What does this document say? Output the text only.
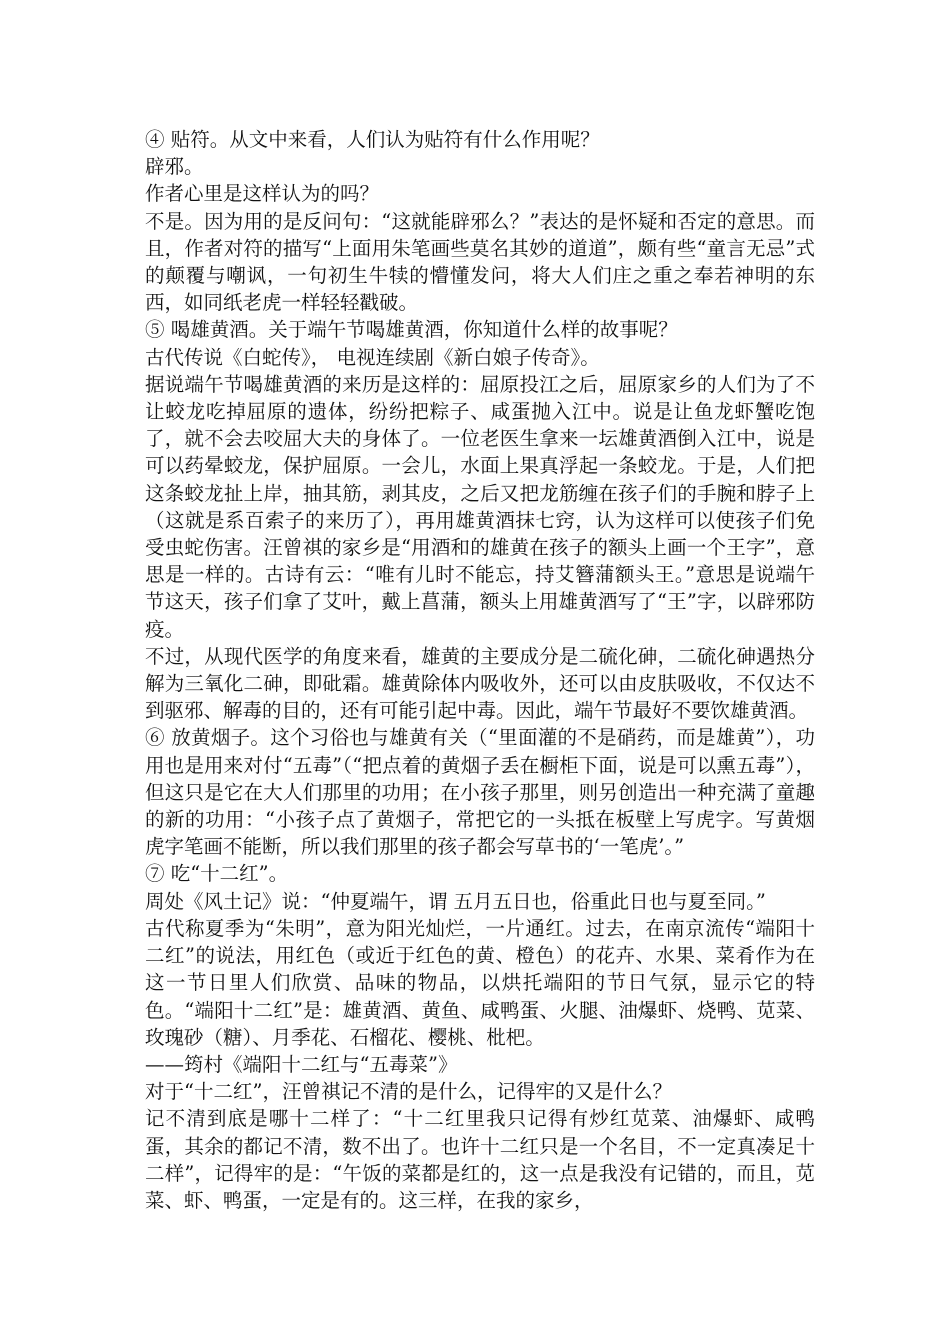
④ 贴符。从文中来看，人们认为贴符有什么作用呢？

辟邪。

作者心里是这样认为的吗？

不是。因为用的是反问句：“这就能辟邪么？”表达的是怀疑和否定的意思。而且，作者对符的描写“上面用朱笔画些莫名其妙的道道”，颇有些“童言无忌”式的颠覆与嘲讽，一句初生牛犊的懵懂发问，将大人们庄之重之奉若神明的东西，如同纸老虎一样轻轻戳破。

⑤ 喝雄黄酒。关于端午节喝雄黄酒，你知道什么样的故事呢？

古代传说《白蛇传》， 电视连续剧《新白娘子传奇》。

据说端午节喝雄黄酒的来历是这样的：屈原投江之后，屈原家乡的人们为了不让蛟龙吃掉屈原的遗体，纷纷把粽子、咸蛋抛入江中。说是让鱼龙虾蟹吃饱了，就不会去咬屈大夫的身体了。一位老医生拿来一坛雄黄酒倒入江中，说是可以药晕蛟龙，保护屈原。一会儿，水面上果真浮起一条蛟龙。于是，人们把这条蛟龙扯上岸，抽其筋，剥其皮，之后又把龙筋缠在孩子们的手腕和脖子上（这就是系百索子的来历了），再用雄黄酒抹七窍，认为这样可以使孩子们免受虫蛇伤害。汪曾祺的家乡是“用酒和的雄黄在孩子的额头上画一个王字”，意思是一样的。古诗有云：“唯有儿时不能忘，持艾簪蒲额头王。”意思是说端午节这天，孩子们拿了艾叶，戴上菖蒲，额头上用雄黄酒写了“王”字，以辟邪防疫。

不过，从现代医学的角度来看，雄黄的主要成分是二硫化砷，二硫化砷遇热分解为三氧化二砷，即砒霜。雄黄除体内吸收外，还可以由皮肤吸收，不仅达不到驱邪、解毒的目的，还有可能引起中毒。因此，端午节最好不要饮雄黄酒。

⑥ 放黄烟子。这个习俗也与雄黄有关（“里面灌的不是硝药，而是雄黄”），功用也是用来对付“五毒”（“把点着的黄烟子丢在橱柜下面，说是可以熏五毒”），但这只是它在大人们那里的功用；在小孩子那里，则另创造出一种充满了童趣的新的功用：“小孩子点了黄烟子，常把它的一头抵在板壁上写虎字。写黄烟虎字笔画不能断，所以我们那里的孩子都会写草书的‘一笔虎’。”

⑦ 吃“十二红”。

周处《风土记》说：“仲夏端午，谓 五月五日也，俗重此日也与夏至同。”

古代称夏季为“朱明”，意为阳光灿烂，一片通红。过去，在南京流传“端阳十二红”的说法，用红色（或近于红色的黄、橙色）的花卉、水果、菜肴作为在这一节日里人们欣赏、品味的物品，以烘托端阳的节日气氛，显示它的特色。“端阳十二红”是：雄黄酒、黄鱼、咸鸭蛋、火腿、油爆虾、烧鸭、苋菜、玫瑰砂（糖）、月季花、石榴花、樱桃、枇杷。

——筠村《端阳十二红与“五毒菜”》

对于“十二红”，汪曾祺记不清的是什么，记得牢的又是什么？

记不清到底是哪十二样了：“十二红里我只记得有炒红苋菜、油爆虾、咸鸭蛋，其余的都记不清，数不出了。也许十二红只是一个名目，不一定真凑足十二样”，记得牢的是：“午饭的菜都是红的，这一点是我没有记错的，而且，苋菜、虾、鸭蛋，一定是有的。这三样，在我的家乡，
